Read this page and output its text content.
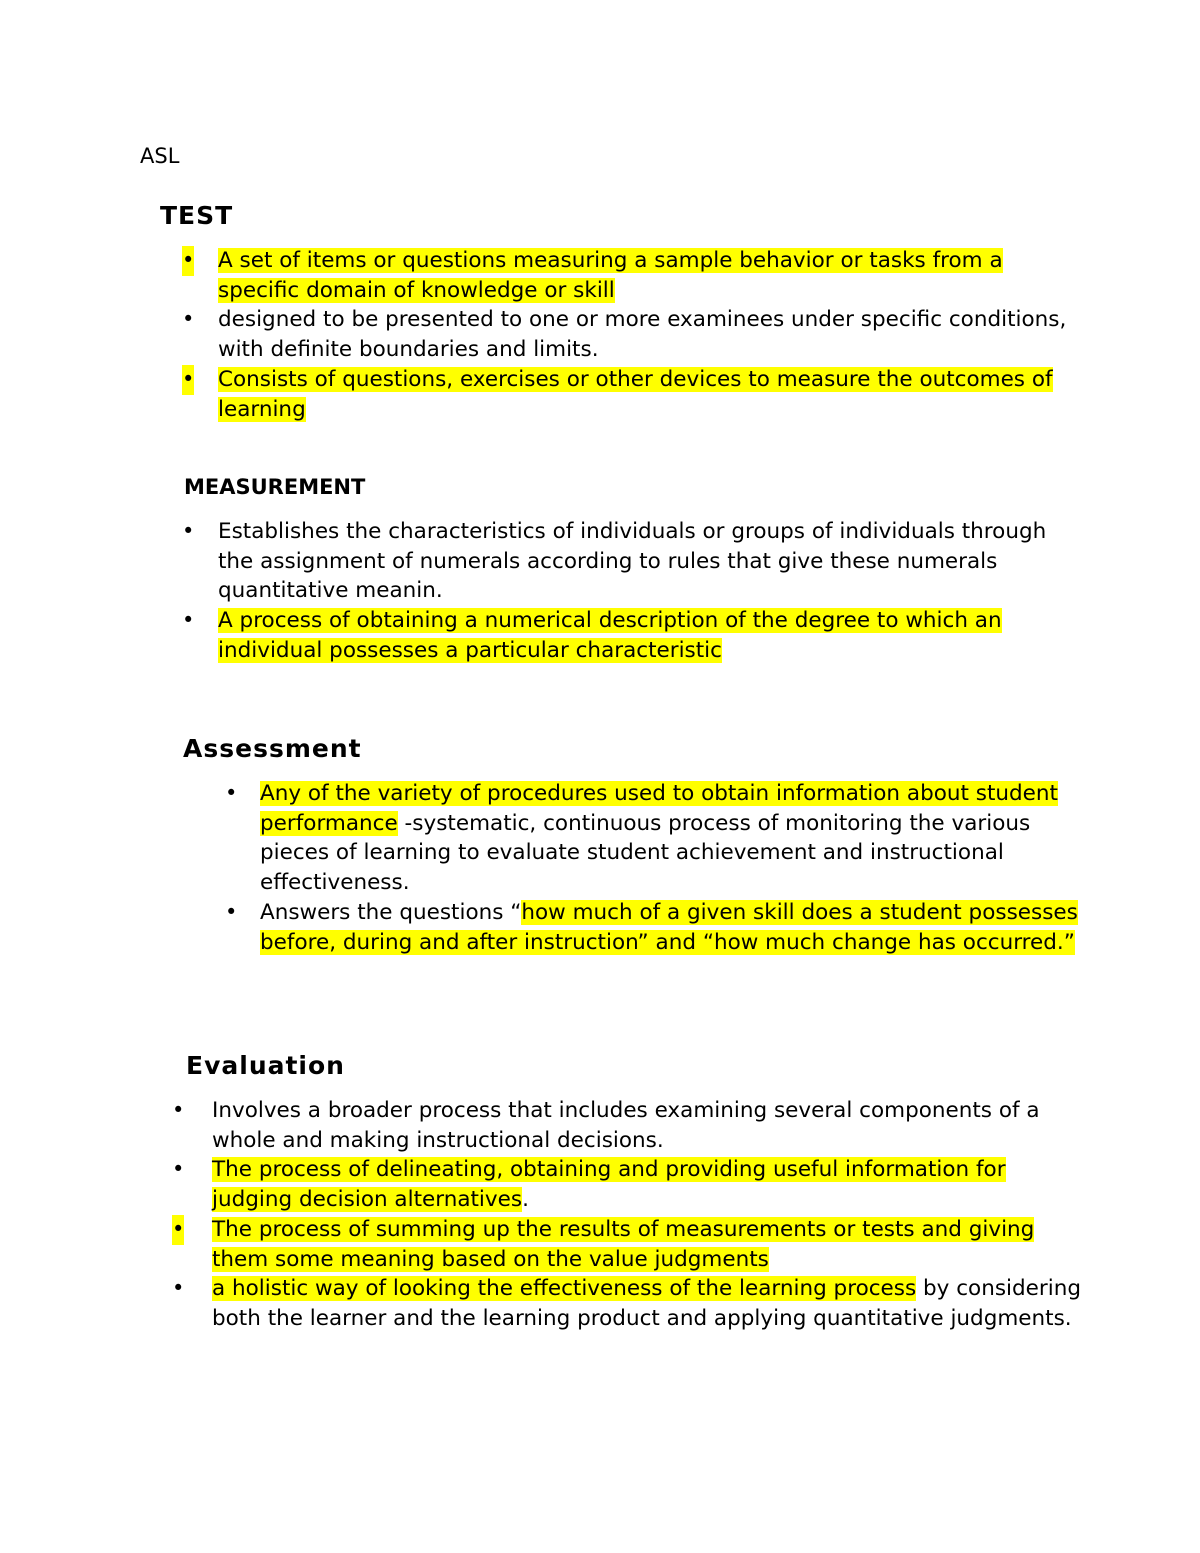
ASL

TEST
• A set of items or questions measuring a sample behavior or tasks from a specific domain of knowledge or skill
• designed to be presented to one or more examinees under specific conditions, with definite boundaries and limits.
• Consists of questions, exercises or other devices to measure the outcomes of learning
MEASUREMENT
• Establishes the characteristics of individuals or groups of individuals through the assignment of numerals according to rules that give these numerals quantitative meanin.
• A process of obtaining a numerical description of the degree to which an individual possesses a particular characteristic
Assessment
• Any of the variety of procedures used to obtain information about student performance -systematic, continuous process of monitoring the various pieces of learning to evaluate student achievement and instructional effectiveness.
• Answers the questions “how much of a given skill does a student possesses before, during and after instruction” and “how much change has occurred.”
Evaluation
• Involves a broader process that includes examining several components of a whole and making instructional decisions.
• The process of delineating, obtaining and providing useful information for judging decision alternatives.
• The process of summing up the results of measurements or tests and giving them some meaning based on the value judgments
• a holistic way of looking the effectiveness of the learning process by considering both the learner and the learning product and applying quantitative judgments.
